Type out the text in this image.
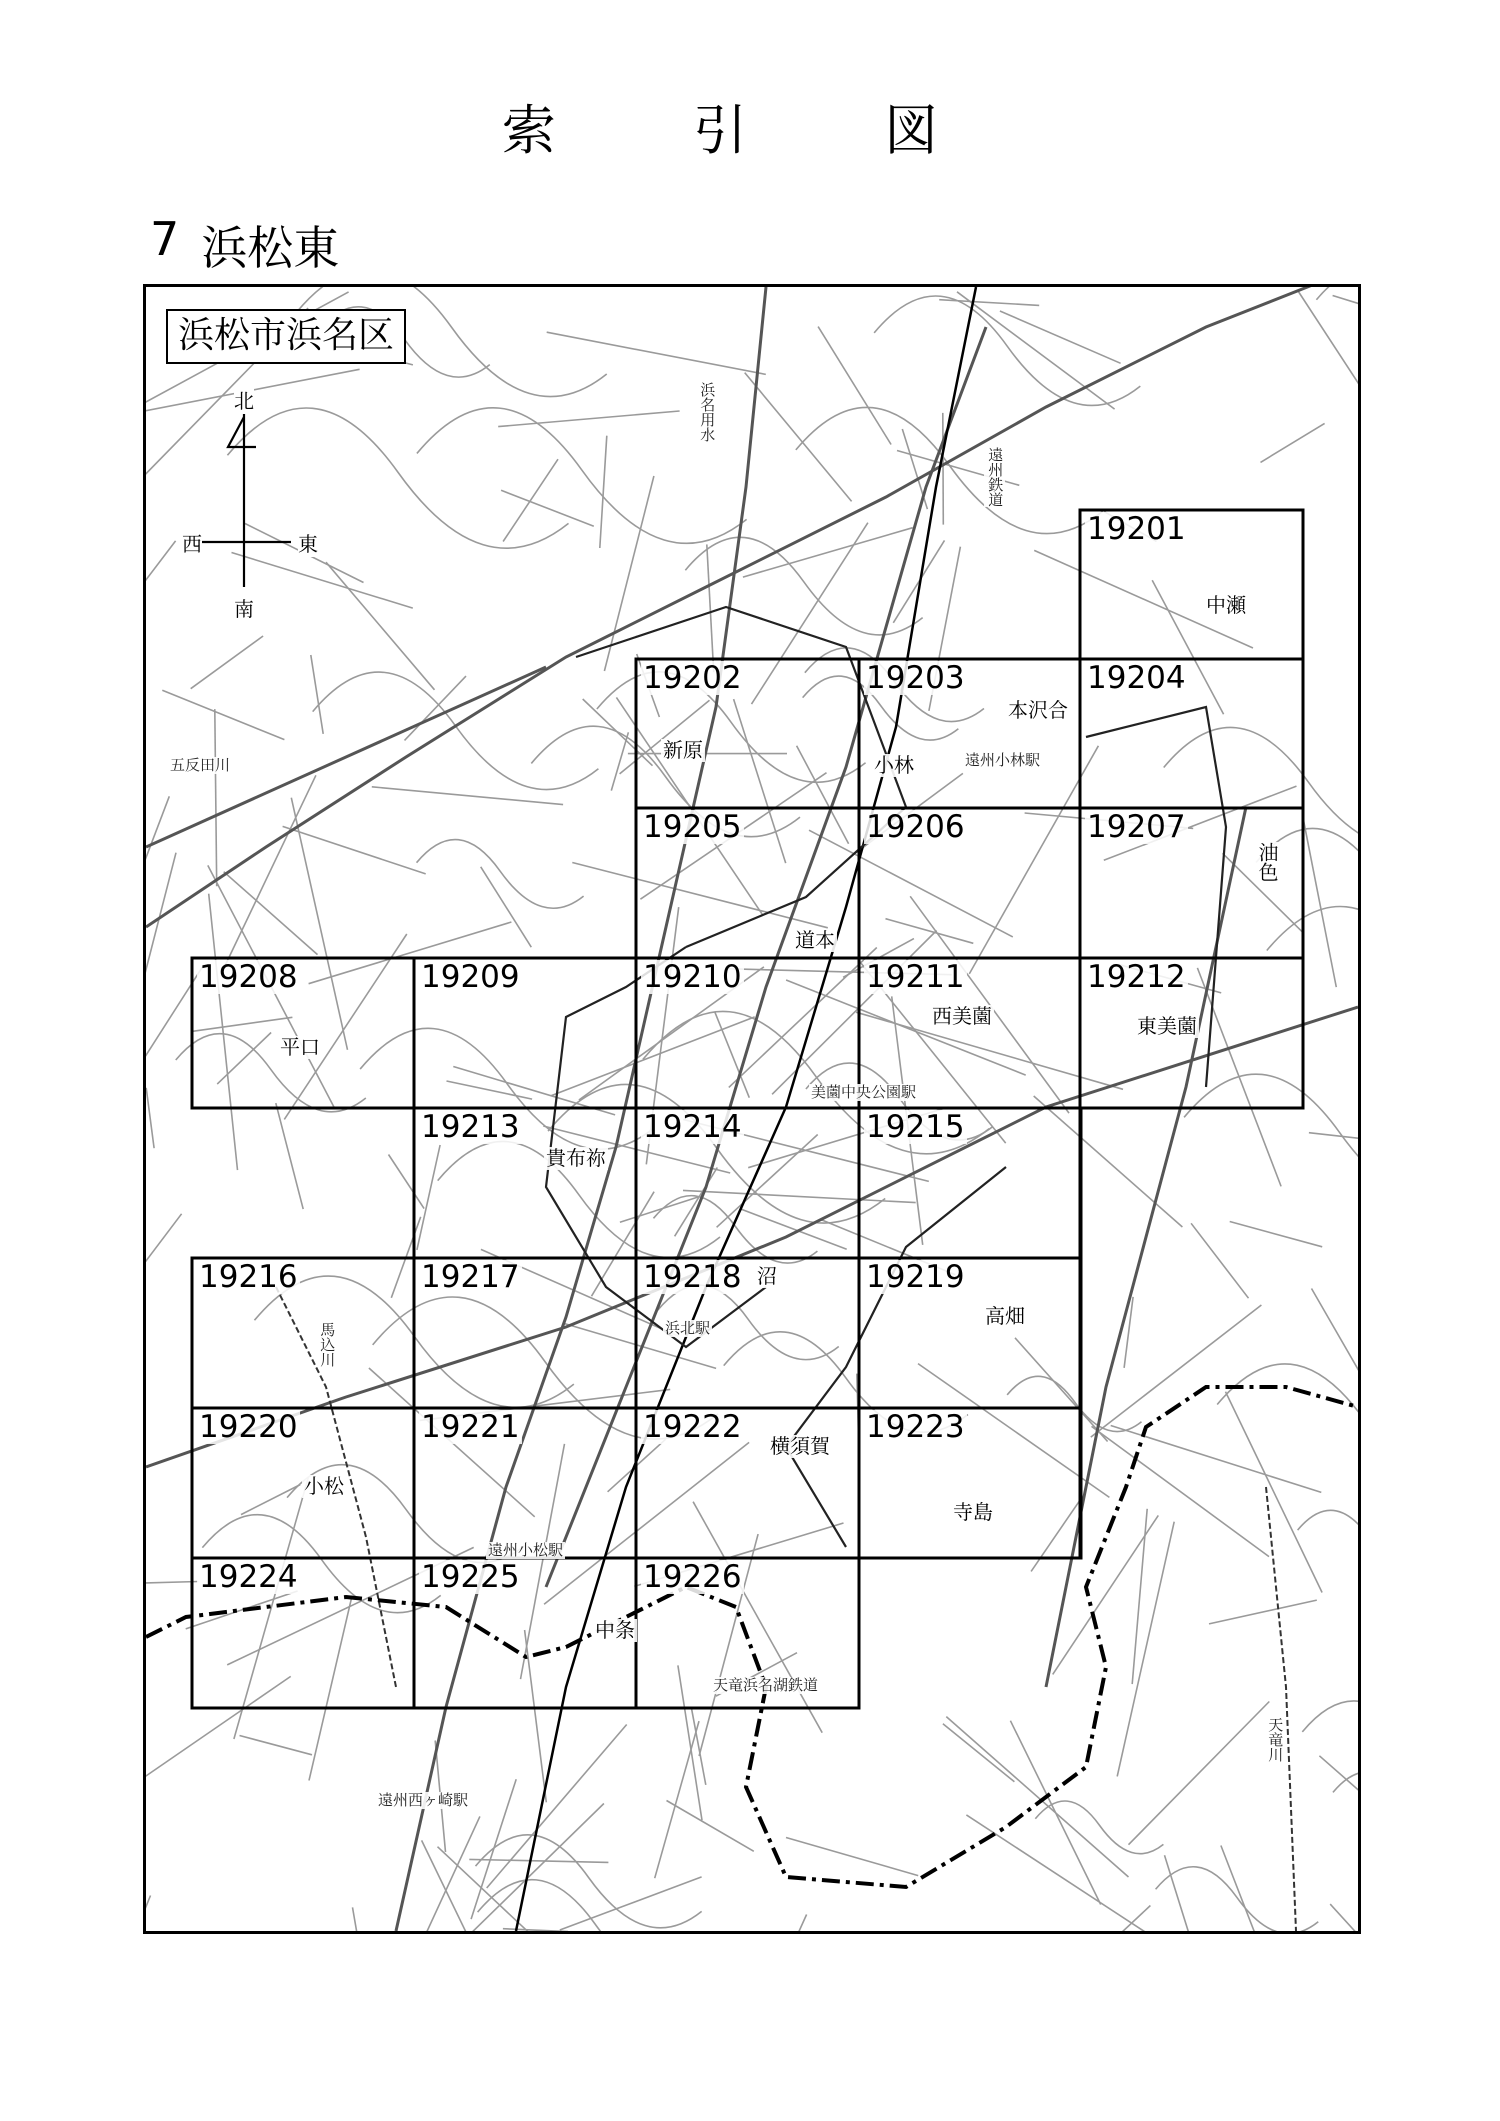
索 引 図
7 浜松東
浜松市浜名区
北
南
西	東	19201
19202	19203	19204
19205	19206	19207
19208	19209	19210	19211	19212
19213	19214	19215
19216	19217	19218	19219
19220	19221	19222	19223
19224	19225	19226
中瀬
本沢合
新原
小林
油色
道本
平口
西美薗	東美薗
貴布祢
沼
高畑
小松
横須賀
寺島
中条
浜名用水
遠州鉄道
五反田川	遠州小林駅
美薗中央公園駅
浜北駅
馬込川
遠州小松駅
天竜浜名湖鉄道
遠州西ヶ崎駅
天竜川
